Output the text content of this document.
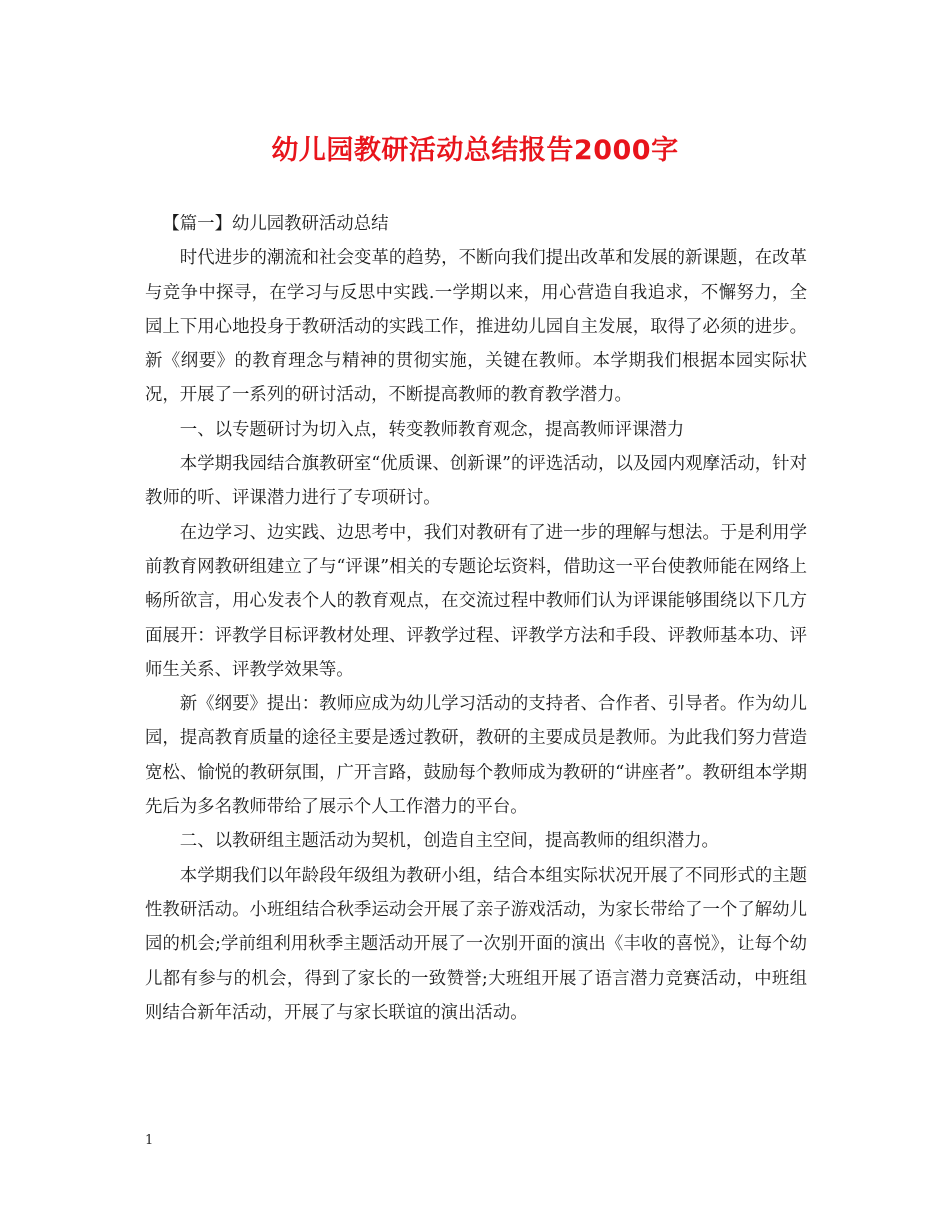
幼儿园教研活动总结报告2000字

【篇一】幼儿园教研活动总结

时代进步的潮流和社会变革的趋势，不断向我们提出改革和发展的新课题，在改革与竞争中探寻，在学习与反思中实践.一学期以来，用心营造自我追求，不懈努力，全园上下用心地投身于教研活动的实践工作，推进幼儿园自主发展，取得了必须的进步。新《纲要》的教育理念与精神的贯彻实施，关键在教师。本学期我们根据本园实际状况，开展了一系列的研讨活动，不断提高教师的教育教学潜力。

一、以专题研讨为切入点，转变教师教育观念，提高教师评课潜力

本学期我园结合旗教研室“优质课、创新课”的评选活动，以及园内观摩活动，针对教师的听、评课潜力进行了专项研讨。

在边学习、边实践、边思考中，我们对教研有了进一步的理解与想法。于是利用学前教育网教研组建立了与“评课”相关的专题论坛资料，借助这一平台使教师能在网络上畅所欲言，用心发表个人的教育观点，在交流过程中教师们认为评课能够围绕以下几方面展开：评教学目标评教材处理、评教学过程、评教学方法和手段、评教师基本功、评师生关系、评教学效果等。

新《纲要》提出：教师应成为幼儿学习活动的支持者、合作者、引导者。作为幼儿园，提高教育质量的途径主要是透过教研，教研的主要成员是教师。为此我们努力营造宽松、愉悦的教研氛围，广开言路，鼓励每个教师成为教研的“讲座者”。教研组本学期先后为多名教师带给了展示个人工作潜力的平台。

二、以教研组主题活动为契机，创造自主空间，提高教师的组织潜力。

本学期我们以年龄段年级组为教研小组，结合本组实际状况开展了不同形式的主题性教研活动。小班组结合秋季运动会开展了亲子游戏活动，为家长带给了一个了解幼儿园的机会;学前组利用秋季主题活动开展了一次别开面的演出《丰收的喜悦》，让每个幼儿都有参与的机会，得到了家长的一致赞誉;大班组开展了语言潜力竞赛活动，中班组则结合新年活动，开展了与家长联谊的演出活动。

1
